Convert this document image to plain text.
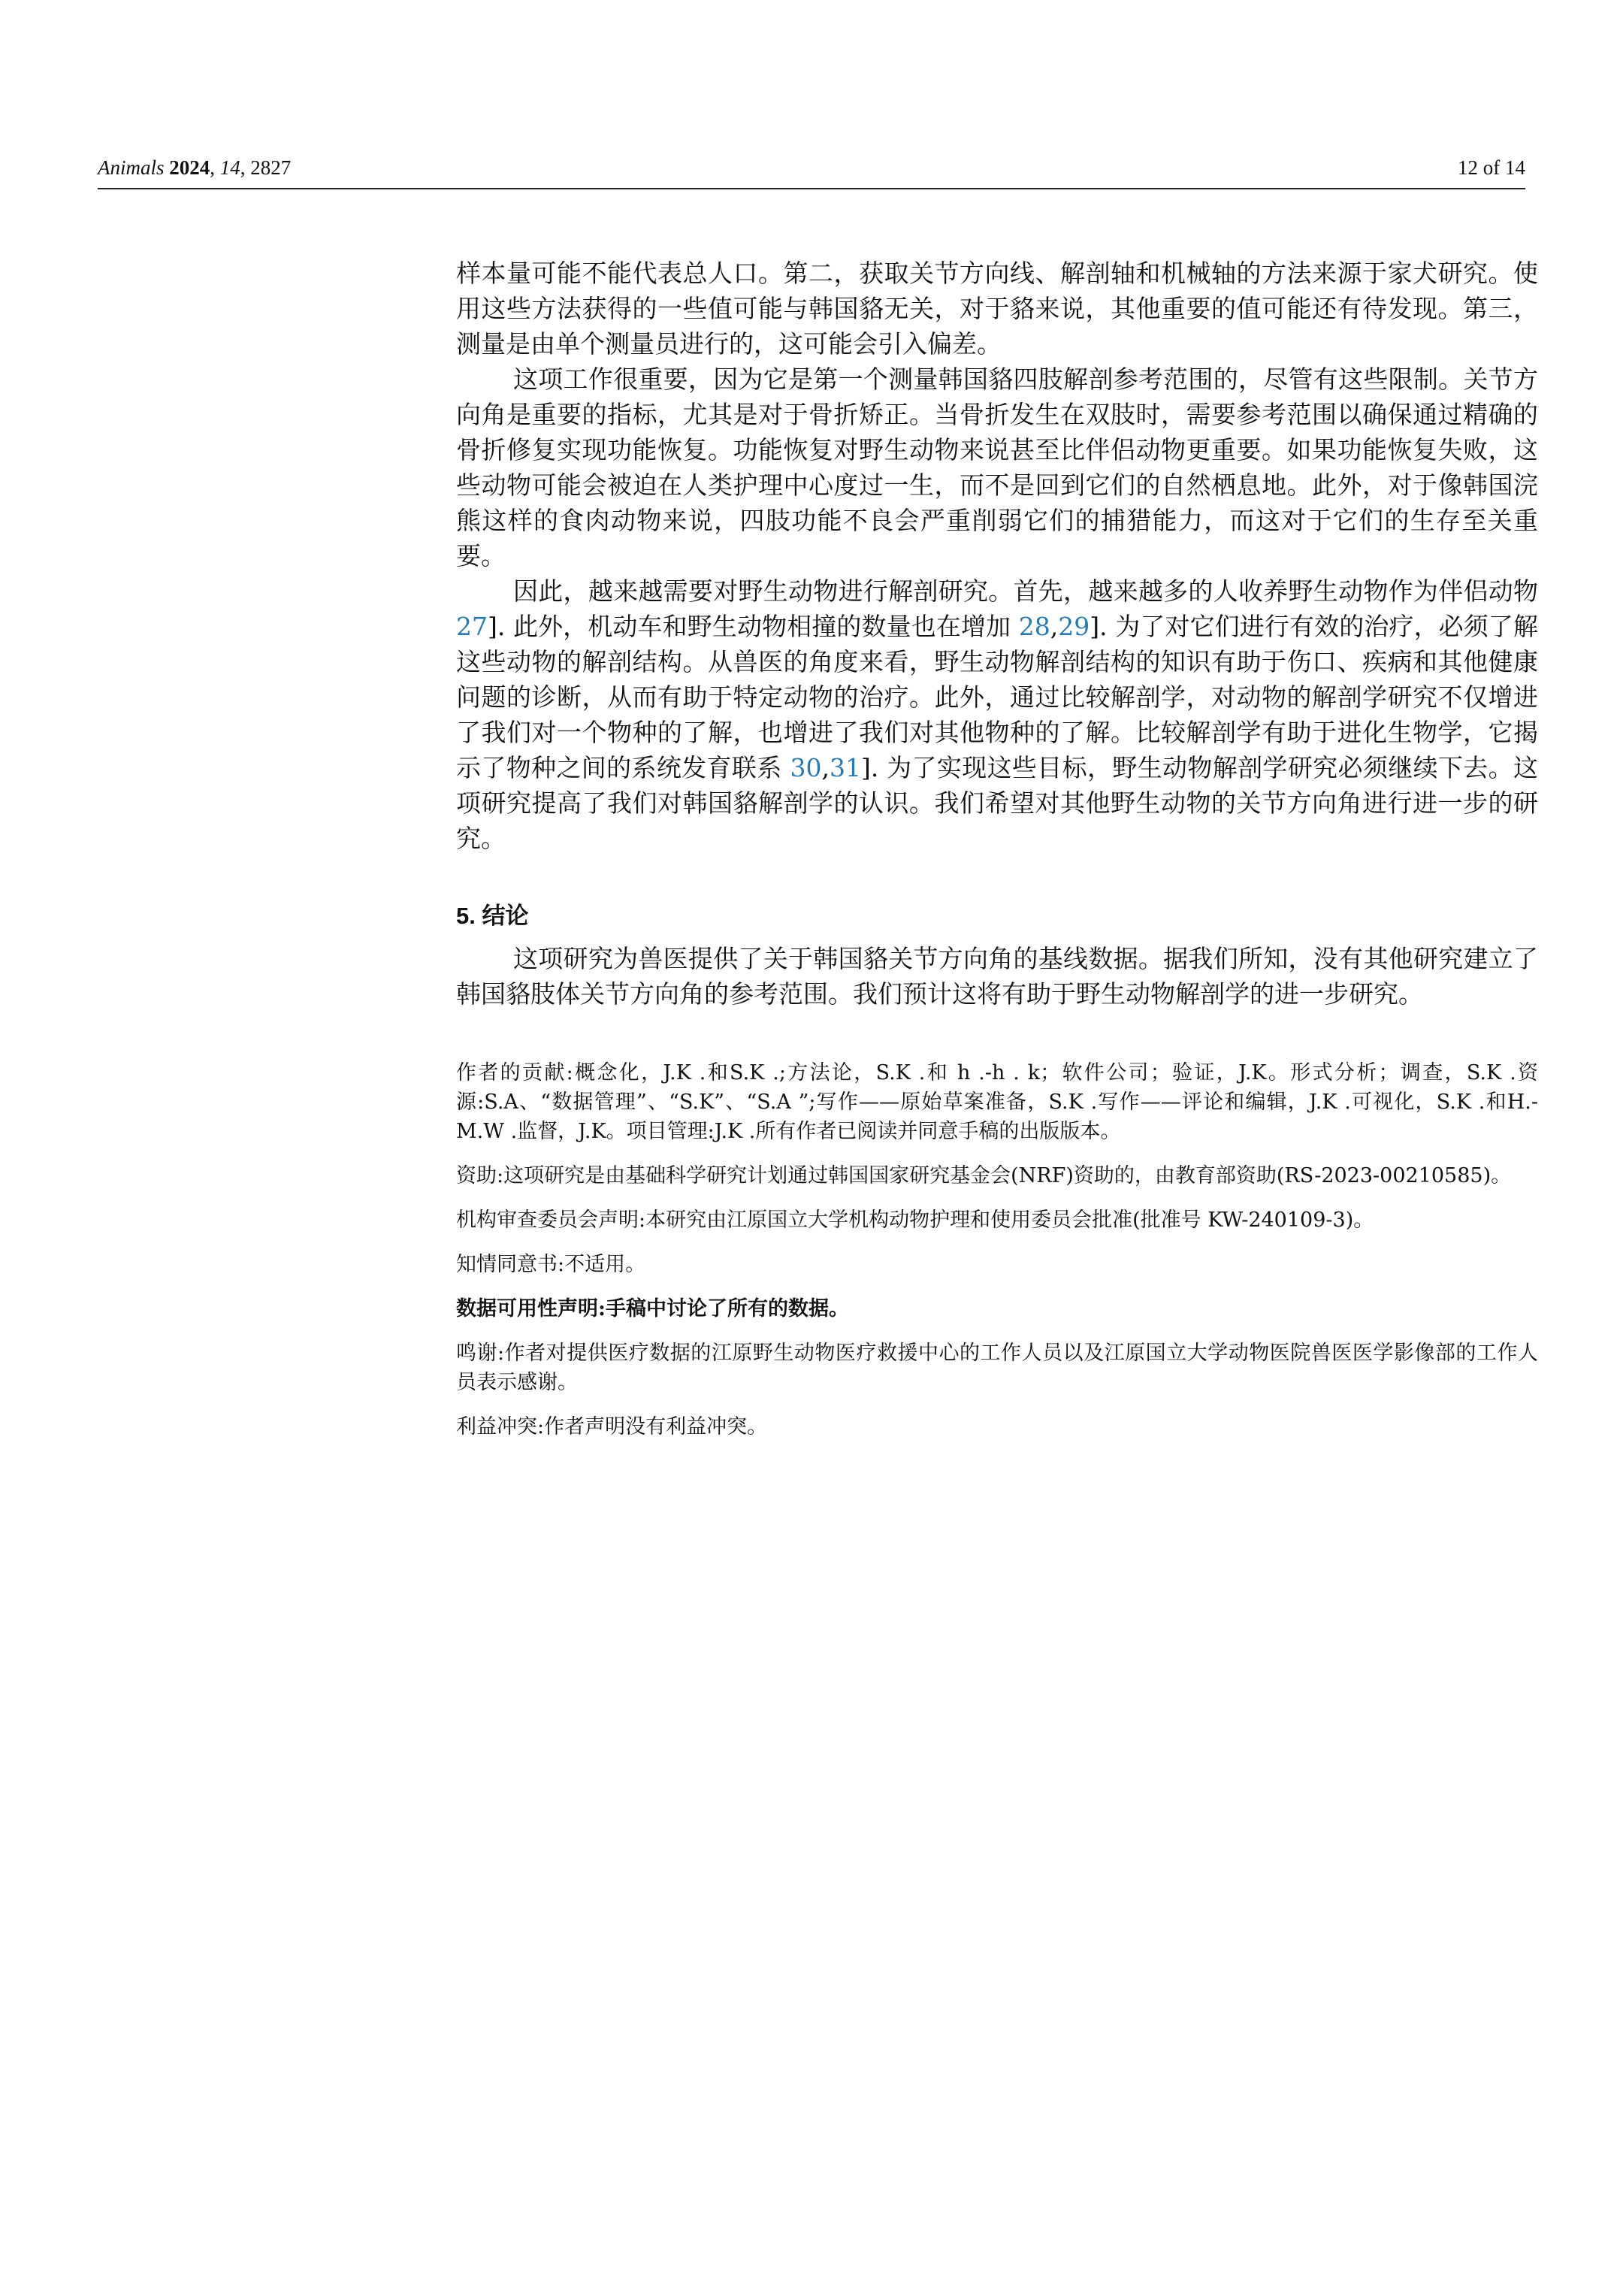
Animals 2024, 14, 2827	12 of 14

样本量可能不能代表总人口。第二，获取关节方向线、解剖轴和机械轴的方法来源于家犬研究。使用这些方法获得的一些值可能与韩国貉无关，对于貉来说，其他重要的值可能还有待发现。第三，测量是由单个测量员进行的，这可能会引入偏差。

这项工作很重要，因为它是第一个测量韩国貉四肢解剖参考范围的，尽管有这些限制。关节方向角是重要的指标，尤其是对于骨折矫正。当骨折发生在双肢时，需要参考范围以确保通过精确的骨折修复实现功能恢复。功能恢复对野生动物来说甚至比伴侣动物更重要。如果功能恢复失败，这些动物可能会被迫在人类护理中心度过一生，而不是回到它们的自然栖息地。此外，对于像韩国浣熊这样的食肉动物来说，四肢功能不良会严重削弱它们的捕猎能力，而这对于它们的生存至关重要。

因此，越来越需要对野生动物进行解剖研究。首先，越来越多的人收养野生动物作为伴侣动物 27]. 此外，机动车和野生动物相撞的数量也在增加 28,29]. 为了对它们进行有效的治疗，必须了解这些动物的解剖结构。从兽医的角度来看，野生动物解剖结构的知识有助于伤口、疾病和其他健康问题的诊断，从而有助于特定动物的治疗。此外，通过比较解剖学，对动物的解剖学研究不仅增进了我们对一个物种的了解，也增进了我们对其他物种的了解。比较解剖学有助于进化生物学，它揭示了物种之间的系统发育联系 30,31]. 为了实现这些目标，野生动物解剖学研究必须继续下去。这项研究提高了我们对韩国貉解剖学的认识。我们希望对其他野生动物的关节方向角进行进一步的研究。

5. 结论

这项研究为兽医提供了关于韩国貉关节方向角的基线数据。据我们所知，没有其他研究建立了韩国貉肢体关节方向角的参考范围。我们预计这将有助于野生动物解剖学的进一步研究。

作者的贡献:概念化，J.K .和S.K .;方法论，S.K .和 h .-h . k；软件公司；验证，J.K。形式分析；调查，S.K .资源:S.A、“数据管理”、“S.K”、“S.A ”;写作——原始草案准备，S.K .写作——评论和编辑，J.K .可视化，S.K .和H.-M.W .监督，J.K。项目管理:J.K .所有作者已阅读并同意手稿的出版版本。

资助:这项研究是由基础科学研究计划通过韩国国家研究基金会(NRF)资助的，由教育部资助(RS-2023-00210585)。

机构审查委员会声明:本研究由江原国立大学机构动物护理和使用委员会批准(批准号 KW-240109-3)。

知情同意书:不适用。

数据可用性声明:手稿中讨论了所有的数据。

鸣谢:作者对提供医疗数据的江原野生动物医疗救援中心的工作人员以及江原国立大学动物医院兽医医学影像部的工作人员表示感谢。

利益冲突:作者声明没有利益冲突。
